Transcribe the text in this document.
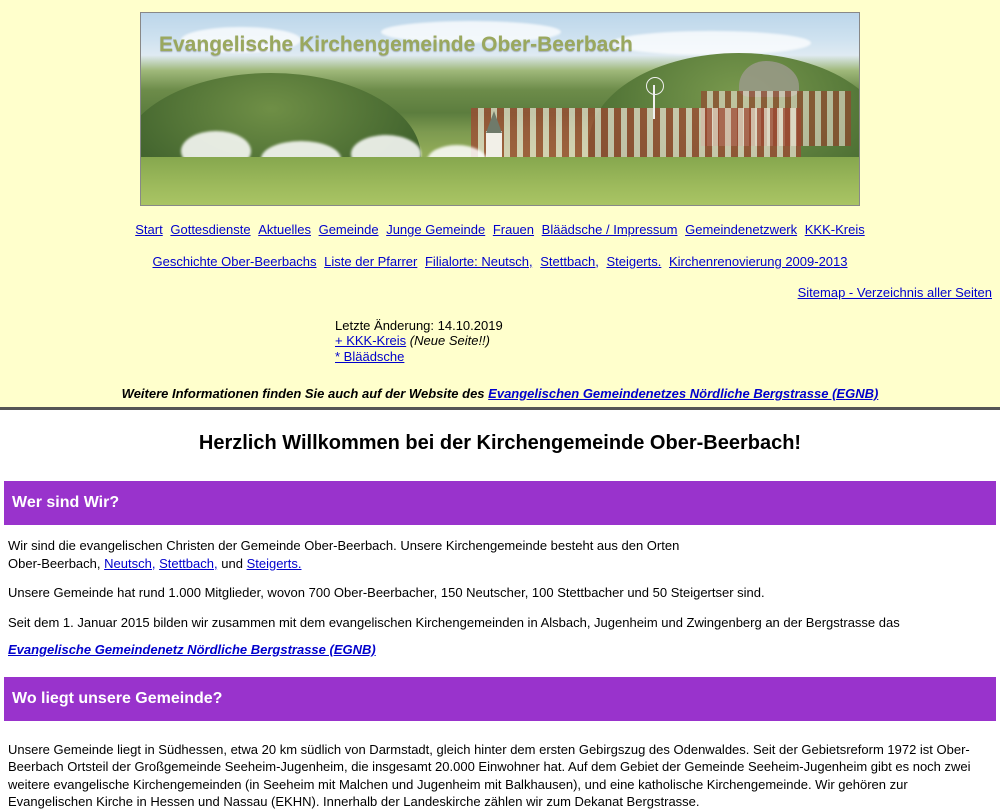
Evangelische Kirchengemeinde Ober-Beerbach
Start Gottesdienste Aktuelles Gemeinde Junge Gemeinde Frauen Bläädsche / Impressum Gemeindenetzwerk KKK-Kreis
Geschichte Ober-Beerbachs Liste der Pfarrer Filialorte: Neutsch, Stettbach, Steigerts. Kirchenrenovierung 2009-2013
Sitemap - Verzeichnis aller Seiten
Letzte Änderung: 14.10.2019
+ KKK-Kreis (Neue Seite!!)
* Bläädsche
Weitere Informationen finden Sie auch auf der Website des Evangelischen Gemeindenetzes Nördliche Bergstrasse (EGNB)
Herzlich Willkommen bei der Kirchengemeinde Ober-Beerbach!
Wer sind Wir?
Wir sind die evangelischen Christen der Gemeinde Ober-Beerbach. Unsere Kirchengemeinde besteht aus den Orten
Ober-Beerbach, Neutsch, Stettbach, und Steigerts.
Unsere Gemeinde hat rund 1.000 Mitglieder, wovon 700 Ober-Beerbacher, 150 Neutscher, 100 Stettbacher und 50 Steigertser sind.
Seit dem 1. Januar 2015 bilden wir zusammen mit dem evangelischen Kirchengemeinden in Alsbach, Jugenheim und Zwingenberg an der Bergstrasse das
Evangelische Gemeindenetz Nördliche Bergstrasse (EGNB)
Wo liegt unsere Gemeinde?
Unsere Gemeinde liegt in Südhessen, etwa 20 km südlich von Darmstadt, gleich hinter dem ersten Gebirgszug des Odenwaldes. Seit der Gebietsreform 1972 ist Ober-Beerbach Ortsteil der Großgemeinde Seeheim-Jugenheim, die insgesamt 20.000 Einwohner hat. Auf dem Gebiet der Gemeinde Seeheim-Jugenheim gibt es noch zwei weitere evangelische Kirchengemeinden (in Seeheim mit Malchen und Jugenheim mit Balkhausen), und eine katholische Kirchengemeinde. Wir gehören zur Evangelischen Kirche in Hessen und Nassau (EKHN). Innerhalb der Landeskirche zählen wir zum Dekanat Bergstrasse.
